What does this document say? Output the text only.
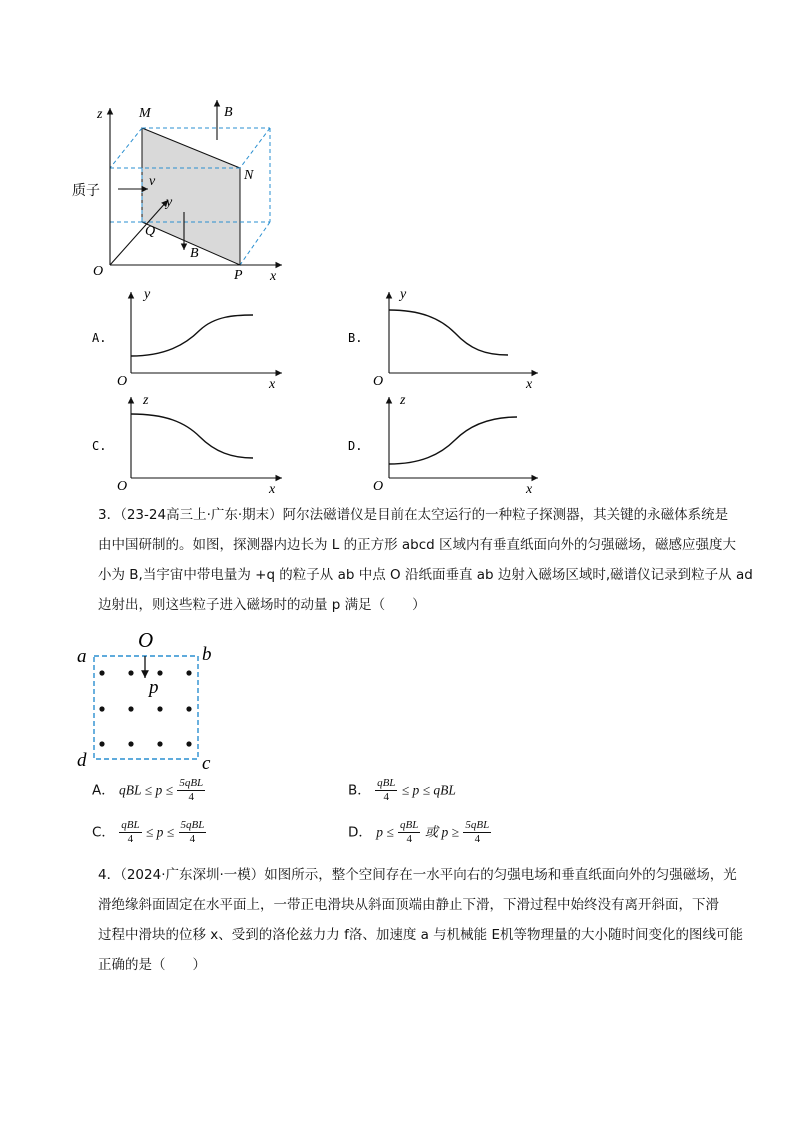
z	M	B
N
质子
v
y
Q
B
O	P x
A.
y
O	x
B.
y
O	x
C.
z
O	x
D.
z
O	x
3．（23-24高三上·广东·期末）阿尔法磁谱仪是目前在太空运行的一种粒子探测器，其关键的永磁体系统是
由中国研制的。如图，探测器内边长为 L 的正方形 abcd 区域内有垂直纸面向外的匀强磁场，磁感应强度大
小为 B,当宇宙中带电量为 +q 的粒子从 ab 中点 O 沿纸面垂直 ab 边射入磁场区域时,磁谱仪记录到粒子从 ad
边射出，则这些粒子进入磁场时的动量 p 满足（　　）
a	b
O
p
d	c
A． qBL ≤ $p \le \frac{\text{5qBL}}{4}$	B． $\frac{\text{qBL}}{4} \le p$ ≤ qBL
C． $\frac{\text{qBL}}{4} \le p \le \frac{\text{5qBL}}{4}$	D． $p \le \frac{\text{qBL}}{4}$ 或 $p \ge \frac{\text{5qBL}}{4}$
4．（2024·广东深圳·一模）如图所示，整个空间存在一水平向右的匀强电场和垂直纸面向外的匀强磁场，光
滑绝缘斜面固定在水平面上，一带正电滑块从斜面顶端由静止下滑，下滑过程中始终没有离开斜面，下滑
过程中滑块的位移 x、受到的洛伦兹力力 f洛、加速度 a 与机械能 E机等物理量的大小随时间变化的图线可能
正确的是（　　）
